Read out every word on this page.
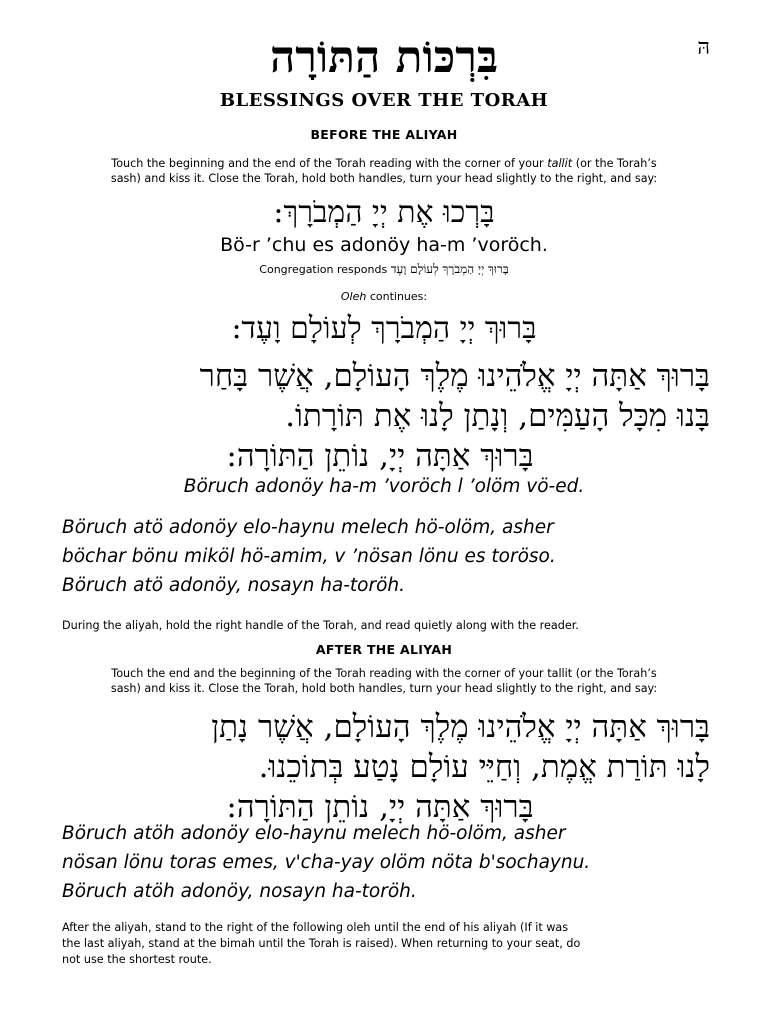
הּ
בִּרְכּוֹת הַתּוֹרָה
BLESSINGS OVER THE TORAH
BEFORE THE ALIYAH
Touch the beginning and the end of the Torah reading with the corner of your tallit (or the Torah’s
sash) and kiss it. Close the Torah, hold both handles, turn your head slightly to the right, and say:
בָּרְכוּ אֶת יְיָ הַמְבֹרָךְ:
Bö-r ’chu es adonöy ha-m ’voröch.
Congregation responds בָּרוּךְ יְיָ הַמְבֹרָךְ לְעוֹלָם וָעֶד
Oleh continues:
בָּרוּךְ יְיָ הַמְבֹרָךְ לְעוֹלָם וָעֶד:
בָּרוּךְ אַתָּה יְיָ אֱלֹהֵינוּ מֶלֶךְ הָעוֹלָם, אֲשֶׁר בָּחַר
בָּנוּ מִכָּל הָעַמִּים, וְנָתַן לָנוּ אֶת תּוֹרָתוֹ.
בָּרוּךְ אַתָּה יְיָ, נוֹתֵן הַתּוֹרָה:
Böruch adonöy ha-m ’voröch l ’olöm vö-ed.
Böruch atö adonöy elo-haynu melech hö-olöm, asher
böchar bönu miköl hö-amim, v ’nösan lönu es toröso.
Böruch atö adonöy, nosayn ha-toröh.
During the aliyah, hold the right handle of the Torah, and read quietly along with the reader.
AFTER THE ALIYAH
Touch the end and the beginning of the Torah reading with the corner of your tallit (or the Torah’s
sash) and kiss it. Close the Torah, hold both handles, turn your head slightly to the right, and say:
בָּרוּךְ אַתָּה יְיָ אֱלֹהֵינוּ מֶלֶךְ הָעוֹלָם, אֲשֶׁר נָתַן
לָנוּ תּוֹרַת אֱמֶת, וְחַיֵּי עוֹלָם נָטַע בְּתוֹכֵנוּ.
בָּרוּךְ אַתָּה יְיָ, נוֹתֵן הַתּוֹרָה:
Böruch atöh adonöy elo-haynu melech hö-olöm, asher
nösan lönu toras emes, v'cha-yay olöm nöta b'sochaynu.
Böruch atöh adonöy, nosayn ha-toröh.
After the aliyah, stand to the right of the following oleh until the end of his aliyah (If it was
the last aliyah, stand at the bimah until the Torah is raised). When returning to your seat, do
not use the shortest route.
